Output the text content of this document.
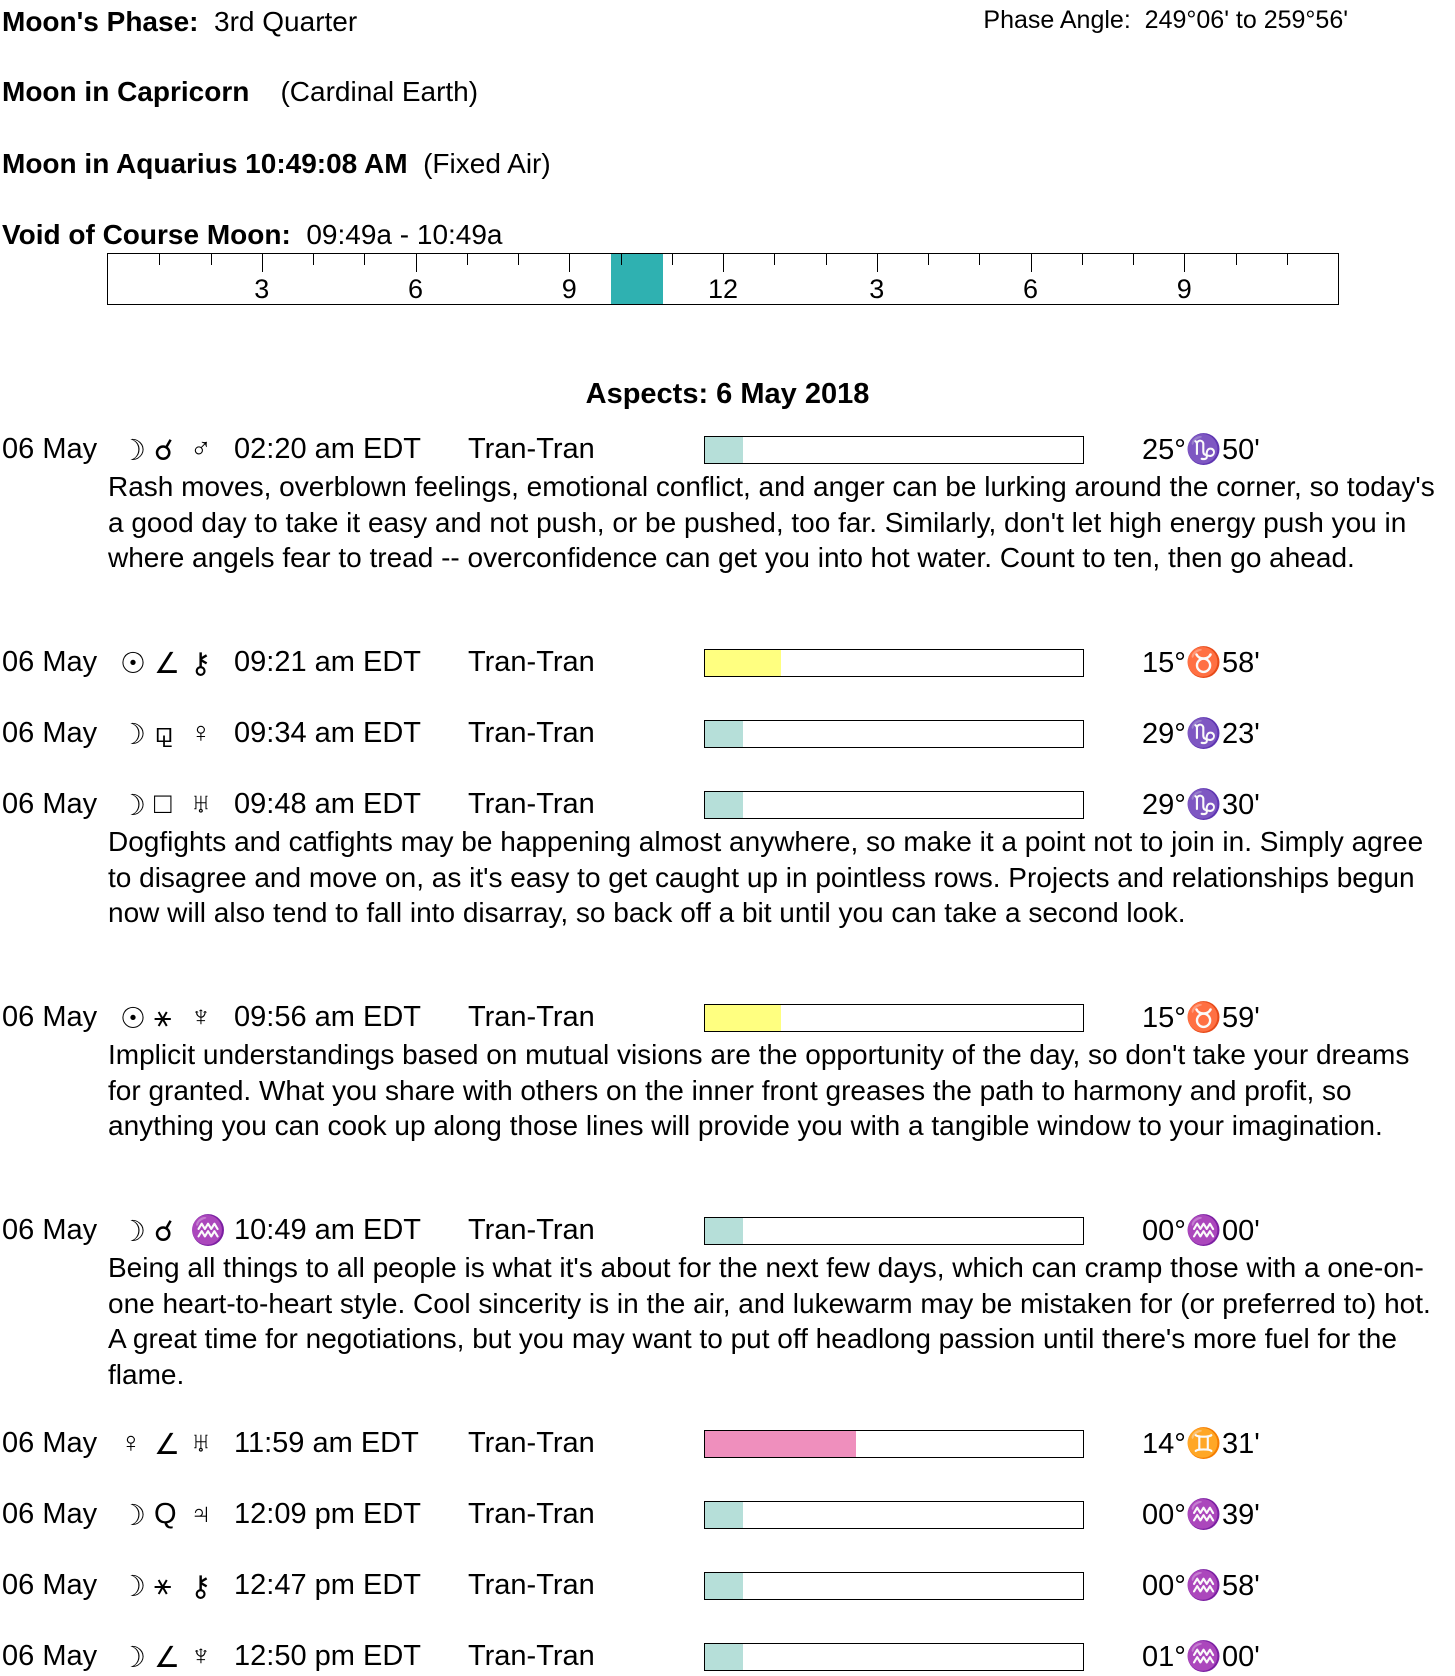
Moon's Phase: 3rd Quarter	Phase Angle: 249°06' to 259°56'
Moon in Capricorn (Cardinal Earth)
Moon in Aquarius 10:49:08 AM (Fixed Air)
Void of Course Moon: 09:49a - 10:49a
3	6	9	12	3	6	9
Aspects: 6 May 2018
06 May ☽ ☌ ♂ 02:20 am EDT Tran-Tran	25°♑50'
Rash moves, overblown feelings, emotional conflict, and anger can be lurking around the corner, so today's a good day to take it easy and not push, or be pushed, too far. Similarly, don't let high energy push you in where angels fear to tread -- overconfidence can get you into hot water. Count to ten, then go ahead.
06 May ☉ ∠ ⚷ 09:21 am EDT Tran-Tran	15°♉58'
06 May ☽ ⚼ ♀ 09:34 am EDT Tran-Tran	29°♑23'
06 May ☽ □ ♅ 09:48 am EDT Tran-Tran	29°♑30'
Dogfights and catfights may be happening almost anywhere, so make it a point not to join in. Simply agree to disagree and move on, as it's easy to get caught up in pointless rows. Projects and relationships begun now will also tend to fall into disarray, so back off a bit until you can take a second look.
06 May ☉ ⚹ ♆ 09:56 am EDT Tran-Tran	15°♉59'
Implicit understandings based on mutual visions are the opportunity of the day, so don't take your dreams for granted. What you share with others on the inner front greases the path to harmony and profit, so anything you can cook up along those lines will provide you with a tangible window to your imagination.
06 May ☽ ☌ ♒ 10:49 am EDT Tran-Tran	00°♒00'
Being all things to all people is what it's about for the next few days, which can cramp those with a one-on-one heart-to-heart style. Cool sincerity is in the air, and lukewarm may be mistaken for (or preferred to) hot. A great time for negotiations, but you may want to put off headlong passion until there's more fuel for the flame.
06 May ♀ ∠ ♅ 11:59 am EDT Tran-Tran	14°♊31'
06 May ☽ Q ♃ 12:09 pm EDT Tran-Tran	00°♒39'
06 May ☽ ⚹ ⚷ 12:47 pm EDT Tran-Tran	00°♒58'
06 May ☽ ∠ ♆ 12:50 pm EDT Tran-Tran	01°♒00'
